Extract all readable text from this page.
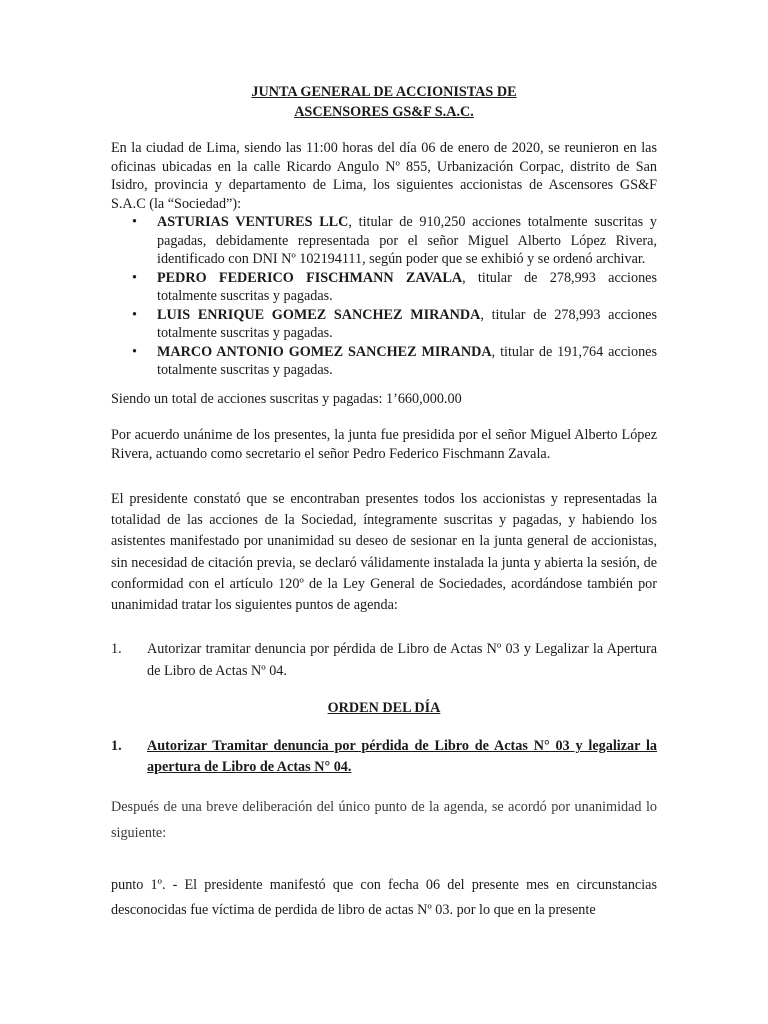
JUNTA GENERAL DE ACCIONISTAS DE

ASCENSORES GS&F S.A.C.

En la ciudad de Lima, siendo las 11:00 horas del día 06 de enero de 2020, se reunieron en las oficinas ubicadas en la calle Ricardo Angulo Nº 855, Urbanización Corpac, distrito de San Isidro, provincia y departamento de Lima, los siguientes accionistas de Ascensores GS&F S.A.C (la “Sociedad”):

• ASTURIAS VENTURES LLC, titular de 910,250 acciones totalmente suscritas y pagadas, debidamente representada por el señor Miguel Alberto López Rivera, identificado con DNI Nº 102194111, según poder que se exhibió y se ordenó archivar.
• PEDRO FEDERICO FISCHMANN ZAVALA, titular de 278,993 acciones totalmente suscritas y pagadas.
• LUIS ENRIQUE GOMEZ SANCHEZ MIRANDA, titular de 278,993 acciones totalmente suscritas y pagadas.
• MARCO ANTONIO GOMEZ SANCHEZ MIRANDA, titular de 191,764 acciones totalmente suscritas y pagadas.

Siendo un total de acciones suscritas y pagadas: 1’660,000.00

Por acuerdo unánime de los presentes, la junta fue presidida por el señor Miguel Alberto López Rivera, actuando como secretario el señor Pedro Federico Fischmann Zavala.

El presidente constató que se encontraban presentes todos los accionistas y representadas la totalidad de las acciones de la Sociedad, íntegramente suscritas y pagadas, y habiendo los asistentes manifestado por unanimidad su deseo de sesionar en la junta general de accionistas, sin necesidad de citación previa, se declaró válidamente instalada la junta y abierta la sesión, de conformidad con el artículo 120º de la Ley General de Sociedades, acordándose también por unanimidad tratar los siguientes puntos de agenda:

1.	Autorizar tramitar denuncia por pérdida de Libro de Actas Nº 03 y Legalizar la Apertura de Libro de Actas Nº 04.

ORDEN DEL DÍA

1.	Autorizar Tramitar denuncia por pérdida de Libro de Actas N° 03 y legalizar la apertura de Libro de Actas N° 04.

Después de una breve deliberación del único punto de la agenda, se acordó por unanimidad lo siguiente:

punto 1º. - El presidente manifestó que con fecha 06 del presente mes en circunstancias desconocidas fue víctima de perdida de libro de actas Nº 03. por lo que en la presente
